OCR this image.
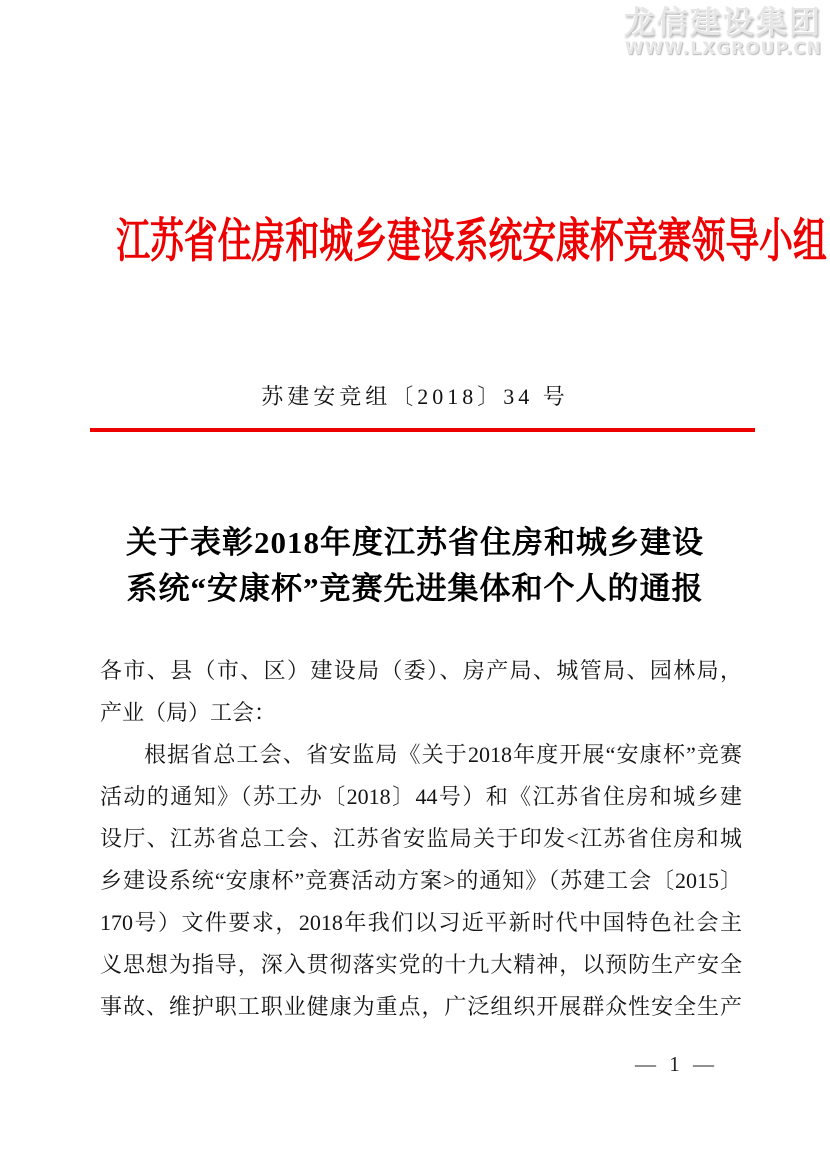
龙信建设集团
WWW.LXGROUP.CN
江苏省住房和城乡建设系统安康杯竞赛领导小组
苏建安竞组〔2018〕34 号
关于表彰2018年度江苏省住房和城乡建设
系统“安康杯”竞赛先进集体和个人的通报
各市、县（市、区）建设局（委）、房产局、城管局、园林局，
产业（局）工会：
根据省总工会、省安监局《关于2018年度开展“安康杯”竞赛
活动的通知》（苏工办〔2018〕44号）和《江苏省住房和城乡建
设厅、江苏省总工会、江苏省安监局关于印发<江苏省住房和城
乡建设系统“安康杯”竞赛活动方案>的通知》（苏建工会〔2015〕
170号）文件要求，2018年我们以习近平新时代中国特色社会主
义思想为指导，深入贯彻落实党的十九大精神，以预防生产安全
事故、维护职工职业健康为重点，广泛组织开展群众性安全生产
— 1 —
